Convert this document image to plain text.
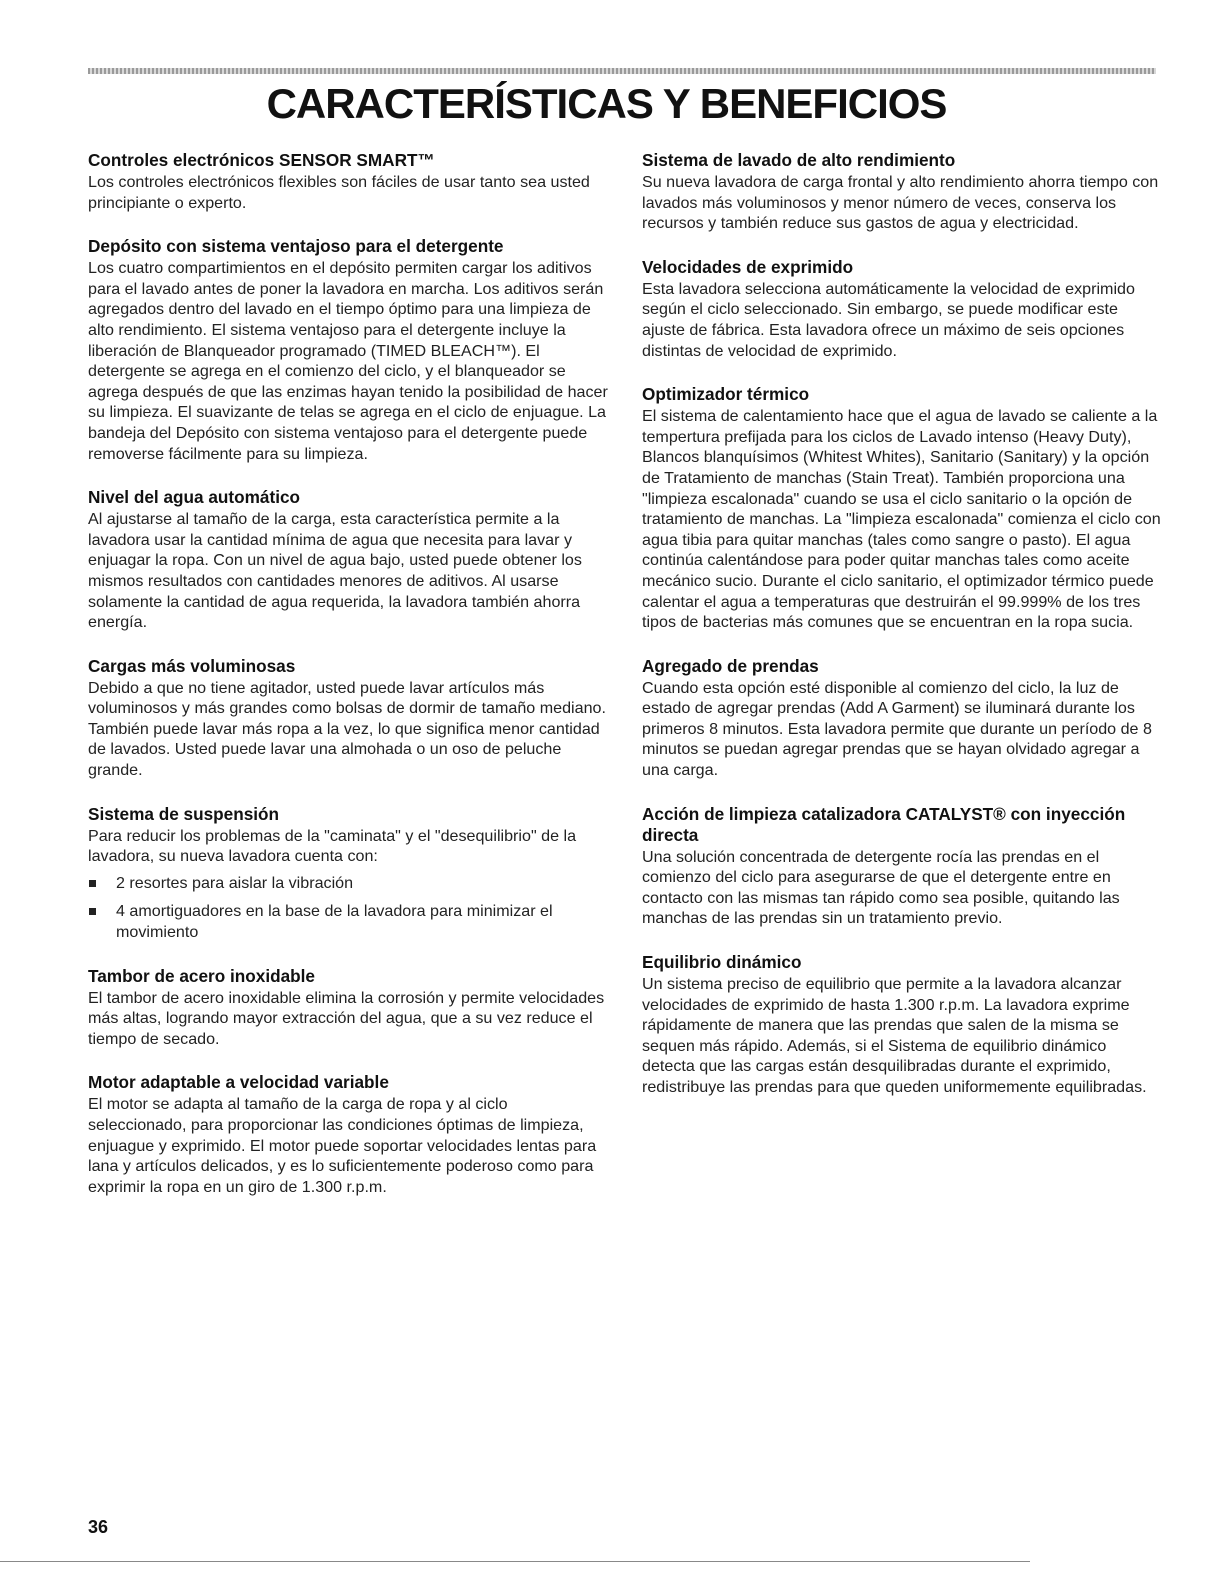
CARACTERÍSTICAS Y BENEFICIOS
Controles electrónicos SENSOR SMART™

Los controles electrónicos flexibles son fáciles de usar tanto sea usted principiante o experto.

Depósito con sistema ventajoso para el detergente

Los cuatro compartimientos en el depósito permiten cargar los aditivos para el lavado antes de poner la lavadora en marcha. Los aditivos serán agregados dentro del lavado en el tiempo óptimo para una limpieza de alto rendimiento. El sistema ventajoso para el detergente incluye la liberación de Blanqueador programado (TIMED BLEACH™). El detergente se agrega en el comienzo del ciclo, y el blanqueador se agrega después de que las enzimas hayan tenido la posibilidad de hacer su limpieza. El suavizante de telas se agrega en el ciclo de enjuague. La bandeja del Depósito con sistema ventajoso para el detergente puede removerse fácilmente para su limpieza.

Nivel del agua automático

Al ajustarse al tamaño de la carga, esta característica permite a la lavadora usar la cantidad mínima de agua que necesita para lavar y enjuagar la ropa. Con un nivel de agua bajo, usted puede obtener los mismos resultados con cantidades menores de aditivos. Al usarse solamente la cantidad de agua requerida, la lavadora también ahorra energía.

Cargas más voluminosas

Debido a que no tiene agitador, usted puede lavar artículos más voluminosos y más grandes como bolsas de dormir de tamaño mediano. También puede lavar más ropa a la vez, lo que significa menor cantidad de lavados. Usted puede lavar una almohada o un oso de peluche grande.

Sistema de suspensión

Para reducir los problemas de la "caminata" y el "desequilibrio" de la lavadora, su nueva lavadora cuenta con:

2 resortes para aislar la vibración
4 amortiguadores en la base de la lavadora para minimizar el movimiento
Tambor de acero inoxidable

El tambor de acero inoxidable elimina la corrosión y permite velocidades más altas, logrando mayor extracción del agua, que a su vez reduce el tiempo de secado.

Motor adaptable a velocidad variable

El motor se adapta al tamaño de la carga de ropa y al ciclo seleccionado, para proporcionar las condiciones óptimas de limpieza, enjuague y exprimido. El motor puede soportar velocidades lentas para lana y artículos delicados, y es lo suficientemente poderoso como para exprimir la ropa en un giro de 1.300 r.p.m.

Sistema de lavado de alto rendimiento

Su nueva lavadora de carga frontal y alto rendimiento ahorra tiempo con lavados más voluminosos y menor número de veces, conserva los recursos y también reduce sus gastos de agua y electricidad.

Velocidades de exprimido

Esta lavadora selecciona automáticamente la velocidad de exprimido según el ciclo seleccionado. Sin embargo, se puede modificar este ajuste de fábrica. Esta lavadora ofrece un máximo de seis opciones distintas de velocidad de exprimido.

Optimizador térmico

El sistema de calentamiento hace que el agua de lavado se caliente a la tempertura prefijada para los ciclos de Lavado intenso (Heavy Duty), Blancos blanquísimos (Whitest Whites), Sanitario (Sanitary) y la opción de Tratamiento de manchas (Stain Treat). También proporciona una "limpieza escalonada" cuando se usa el ciclo sanitario o la opción de tratamiento de manchas. La "limpieza escalonada" comienza el ciclo con agua tibia para quitar manchas (tales como sangre o pasto). El agua continúa calentándose para poder quitar manchas tales como aceite mecánico sucio. Durante el ciclo sanitario, el optimizador térmico puede calentar el agua a temperaturas que destruirán el 99.999% de los tres tipos de bacterias más comunes que se encuentran en la ropa sucia.

Agregado de prendas

Cuando esta opción esté disponible al comienzo del ciclo, la luz de estado de agregar prendas (Add A Garment) se iluminará durante los primeros 8 minutos. Esta lavadora permite que durante un período de 8 minutos se puedan agregar prendas que se hayan olvidado agregar a una carga.

Acción de limpieza catalizadora CATALYST® con inyección directa

Una solución concentrada de detergente rocía las prendas en el comienzo del ciclo para asegurarse de que el detergente entre en contacto con las mismas tan rápido como sea posible, quitando las manchas de las prendas sin un tratamiento previo.

Equilibrio dinámico

Un sistema preciso de equilibrio que permite a la lavadora alcanzar velocidades de exprimido de hasta 1.300 r.p.m. La lavadora exprime rápidamente de manera que las prendas que salen de la misma se sequen más rápido. Además, si el Sistema de equilibrio dinámico detecta que las cargas están desquilibradas durante el exprimido, redistribuye las prendas para que queden uniformemente equilibradas.

36
